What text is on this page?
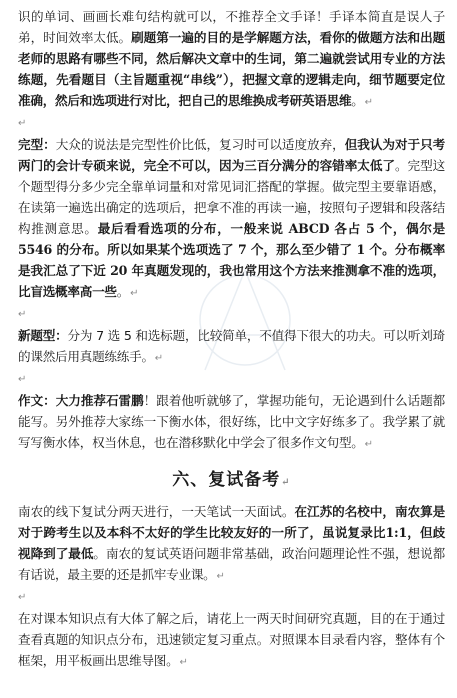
识的单词、画画长难句结构就可以，不推荐全文手译！手译本简直是误人子弟，时间效率太低。刷题第一遍的目的是学解题方法，看你的做题方法和出题老师的思路有哪些不同，然后解决文章中的生词，第二遍就尝试用专业的方法练题，先看题目（主旨题重视“串线”），把握文章的逻辑走向，细节题要定位准确，然后和选项进行对比，把自己的思维换成考研英语思维。↵

↵

完型：大众的说法是完型性价比低，复习时可以适度放弃，但我认为对于只考两门的会计专硕来说，完全不可以，因为三百分满分的容错率太低了。完型这个题型得分多少完全靠单词量和对常见词汇搭配的掌握。做完型主要靠语感，在读第一遍选出确定的选项后，把拿不准的再读一遍，按照句子逻辑和段落结构推测意思。最后看看选项的分布，一般来说 ABCD 各占 5 个，偶尔是 5546 的分布。所以如果某个选项选了 7 个，那么至少错了 1 个。分布概率是我汇总了下近 20 年真题发现的，我也常用这个方法来推测拿不准的选项，比盲选概率高一些。↵

↵

新题型：分为 7 选 5 和选标题，比较简单，不值得下很大的功夫。可以听刘琦的课然后用真题练练手。↵

↵

作文：大力推荐石雷鹏！跟着他听就够了，掌握功能句，无论遇到什么话题都能写。另外推荐大家练一下衡水体，很好练，比中文字好练多了。我学累了就写写衡水体，权当休息，也在潜移默化中学会了很多作文句型。↵

六、复试备考↵

南农的线下复试分两天进行，一天笔试一天面试。在江苏的名校中，南农算是对于跨考生以及本科不太好的学生比较友好的一所了，虽说复录比1:1，但歧视降到了最低。南农的复试英语问题非常基础，政治问题理论性不强，想说都有话说，最主要的还是抓牢专业课。↵

↵

在对课本知识点有大体了解之后，请花上一两天时间研究真题，目的在于通过查看真题的知识点分布，迅速锁定复习重点。对照课本目录看内容，整体有个框架，用平板画出思维导图。↵
